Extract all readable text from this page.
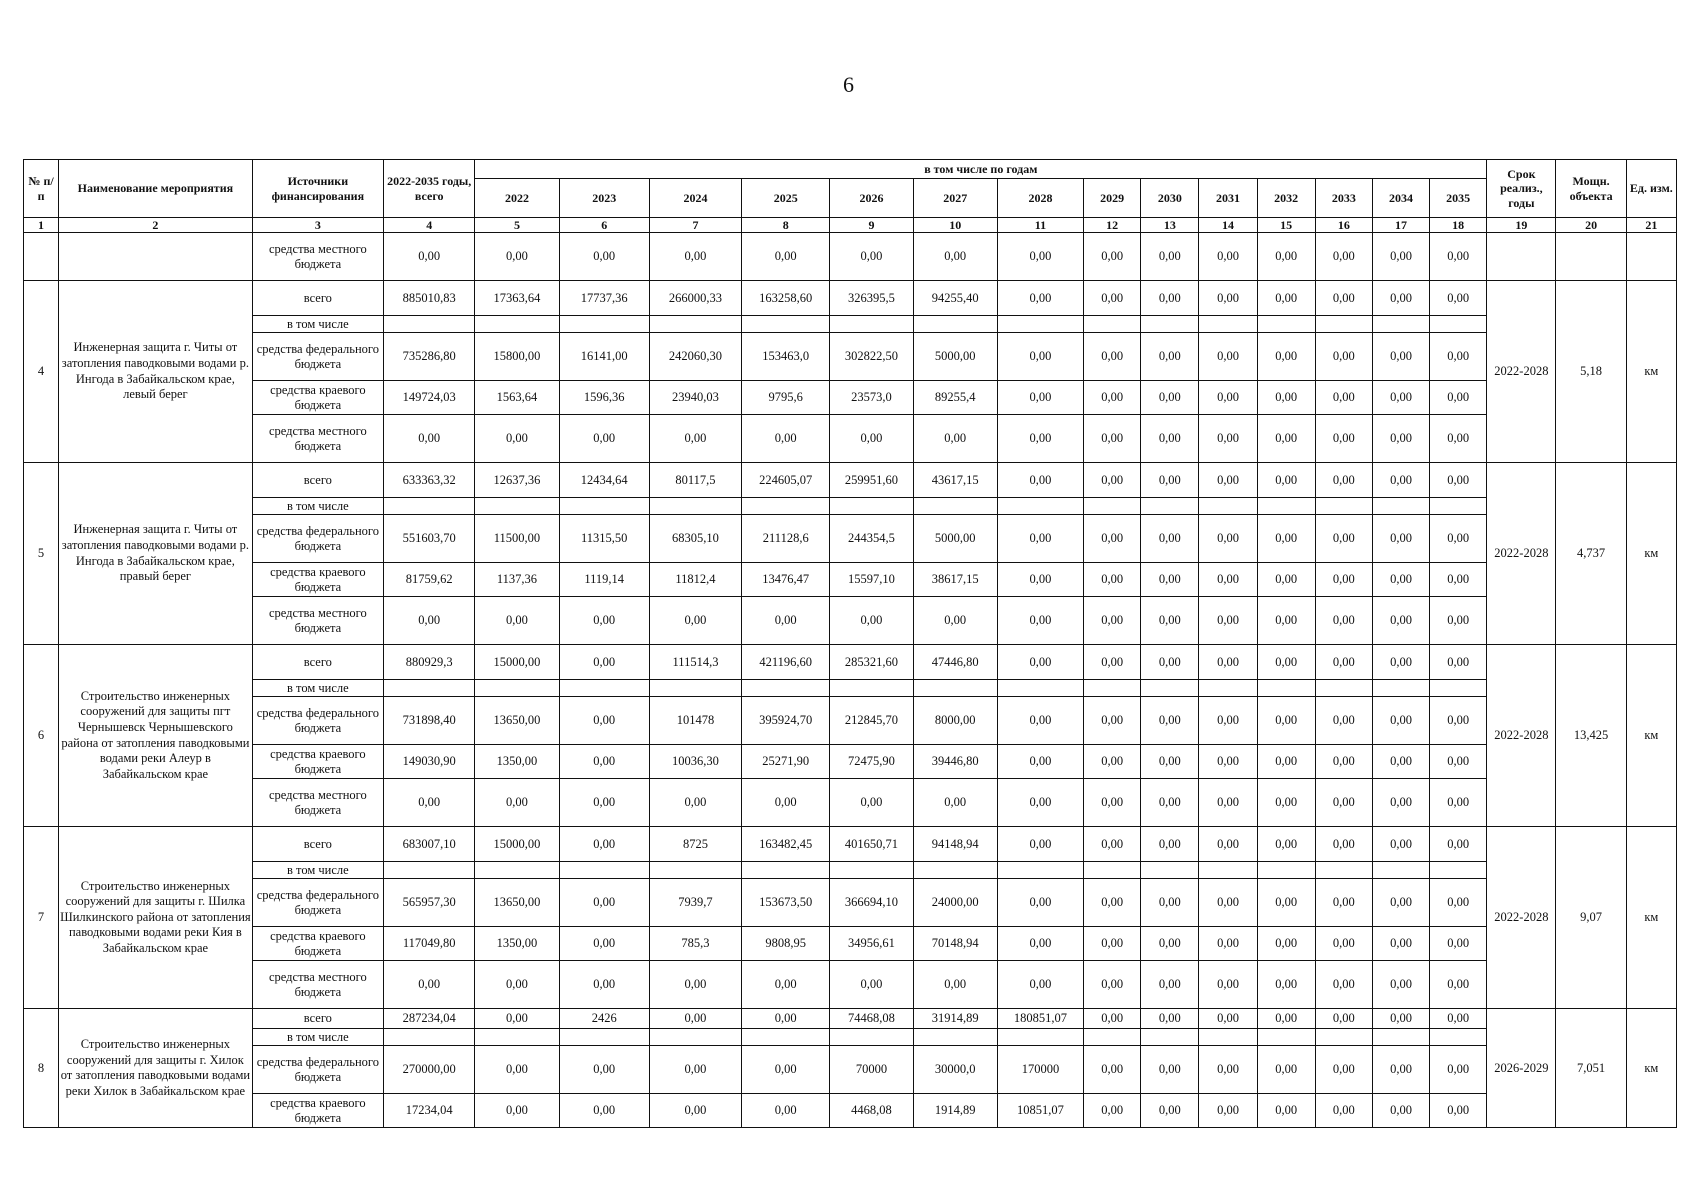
6
№ п/п	Наименование мероприятия	Источники финансирования	2022-2035 годы, всего	в том числе по годам														Срок реализ., годы	Мощн. объекта	Ед. изм.
				2022	2023	2024	2025	2026	2027	2028	2029	2030	2031	2032	2033	2034	2035			
1	2	3	4	5	6	7	8	9	10	11	12	13	14	15	16	17	18	19	20	21
		средства местного бюджета	0,00	0,00	0,00	0,00	0,00	0,00	0,00	0,00	0,00	0,00	0,00	0,00	0,00	0,00	0,00			
4	Инженерная защита г. Читы от затопления паводковыми водами р. Ингода в Забайкальском крае, левый берег	всего	885010,83	17363,64	17737,36	266000,33	163258,60	326395,5	94255,40	0,00	0,00	0,00	0,00	0,00	0,00	0,00	0,00	2022-2028	5,18	км
		в том числе																		
		средства федерального бюджета	735286,80	15800,00	16141,00	242060,30	153463,0	302822,50	5000,00	0,00	0,00	0,00	0,00	0,00	0,00	0,00	0,00			
		средства краевого бюджета	149724,03	1563,64	1596,36	23940,03	9795,6	23573,0	89255,4	0,00	0,00	0,00	0,00	0,00	0,00	0,00	0,00			
		средства местного бюджета	0,00	0,00	0,00	0,00	0,00	0,00	0,00	0,00	0,00	0,00	0,00	0,00	0,00	0,00	0,00			
5	Инженерная защита г. Читы от затопления паводковыми водами р. Ингода в Забайкальском крае, правый берег	всего	633363,32	12637,36	12434,64	80117,5	224605,07	259951,60	43617,15	0,00	0,00	0,00	0,00	0,00	0,00	0,00	0,00	2022-2028	4,737	км
		в том числе																		
		средства федерального бюджета	551603,70	11500,00	11315,50	68305,10	211128,6	244354,5	5000,00	0,00	0,00	0,00	0,00	0,00	0,00	0,00	0,00			
		средства краевого бюджета	81759,62	1137,36	1119,14	11812,4	13476,47	15597,10	38617,15	0,00	0,00	0,00	0,00	0,00	0,00	0,00	0,00			
		средства местного бюджета	0,00	0,00	0,00	0,00	0,00	0,00	0,00	0,00	0,00	0,00	0,00	0,00	0,00	0,00	0,00			
6	Строительство инженерных сооружений для защиты пгт Чернышевск Чернышевского района от затопления паводковыми водами реки Алеур в Забайкальском крае	всего	880929,3	15000,00	0,00	111514,3	421196,60	285321,60	47446,80	0,00	0,00	0,00	0,00	0,00	0,00	0,00	0,00	2022-2028	13,425	км
		в том числе																		
		средства федерального бюджета	731898,40	13650,00	0,00	101478	395924,70	212845,70	8000,00	0,00	0,00	0,00	0,00	0,00	0,00	0,00	0,00			
		средства краевого бюджета	149030,90	1350,00	0,00	10036,30	25271,90	72475,90	39446,80	0,00	0,00	0,00	0,00	0,00	0,00	0,00	0,00			
		средства местного бюджета	0,00	0,00	0,00	0,00	0,00	0,00	0,00	0,00	0,00	0,00	0,00	0,00	0,00	0,00	0,00			
7	Строительство инженерных сооружений для защиты г. Шилка Шилкинского района от затопления паводковыми водами реки Кия в Забайкальском крае	всего	683007,10	15000,00	0,00	8725	163482,45	401650,71	94148,94	0,00	0,00	0,00	0,00	0,00	0,00	0,00	0,00	2022-2028	9,07	км
		в том числе																		
		средства федерального бюджета	565957,30	13650,00	0,00	7939,7	153673,50	366694,10	24000,00	0,00	0,00	0,00	0,00	0,00	0,00	0,00	0,00			
		средства краевого бюджета	117049,80	1350,00	0,00	785,3	9808,95	34956,61	70148,94	0,00	0,00	0,00	0,00	0,00	0,00	0,00	0,00			
		средства местного бюджета	0,00	0,00	0,00	0,00	0,00	0,00	0,00	0,00	0,00	0,00	0,00	0,00	0,00	0,00	0,00			
8	Строительство инженерных сооружений для защиты г. Хилок от затопления паводковыми водами реки Хилок в Забайкальском крае	всего	287234,04	0,00	2426	0,00	0,00	74468,08	31914,89	180851,07	0,00	0,00	0,00	0,00	0,00	0,00	0,00	2026-2029	7,051	км
		в том числе																		
		средства федерального бюджета	270000,00	0,00	0,00	0,00	0,00	70000	30000,0	170000	0,00	0,00	0,00	0,00	0,00	0,00	0,00			
		средства краевого бюджета	17234,04	0,00	0,00	0,00	0,00	4468,08	1914,89	10851,07	0,00	0,00	0,00	0,00	0,00	0,00	0,00			
